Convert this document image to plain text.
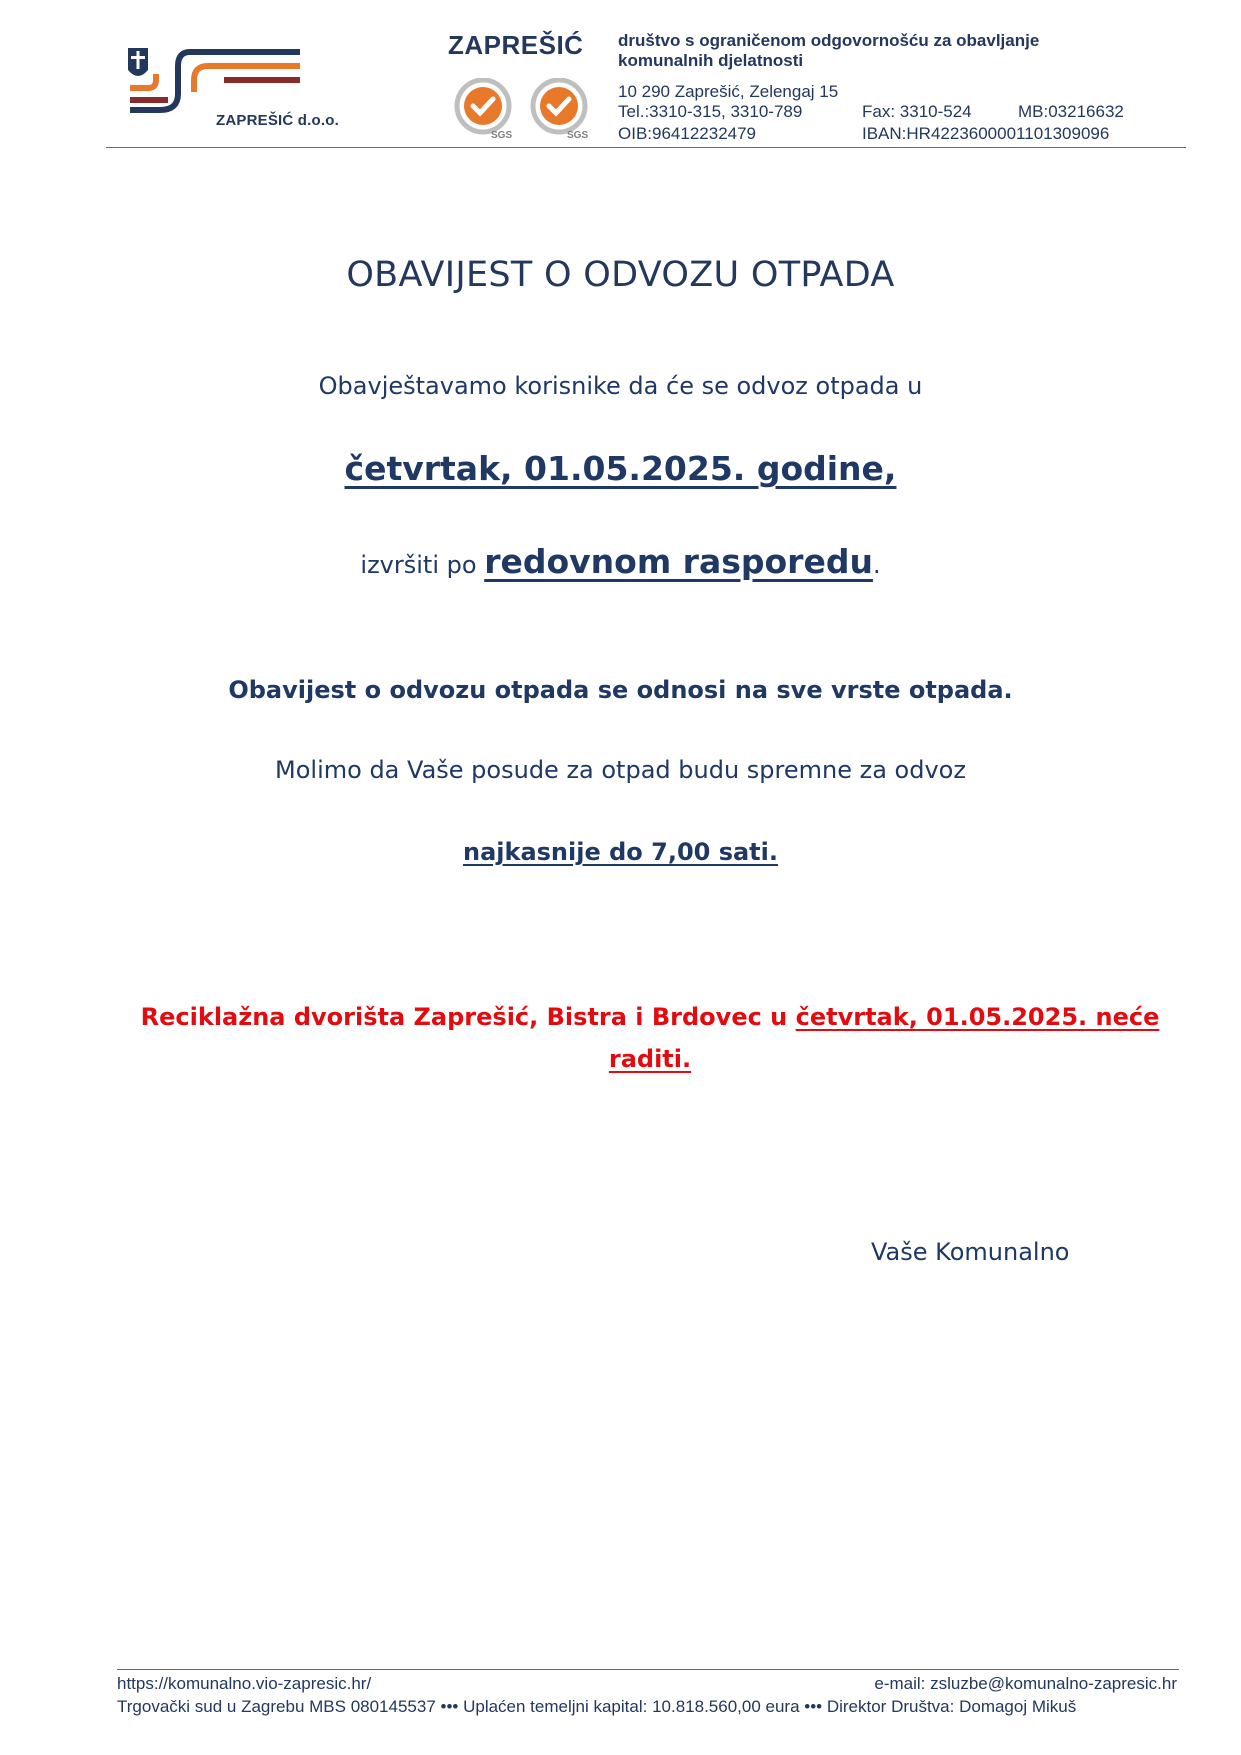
ZAPREŠIĆ d.o.o.
ZAPREŠIĆ
SGS	SGS
društvo s ograničenom odgovornošću za obavljanje komunalnih djelatnosti
10 290 Zaprešić, Zelengaj 15
Tel.:3310-315, 3310-789	Fax: 3310-524	MB:03216632
OIB:96412232479	IBAN:HR4223600001101309096
OBAVIJEST O ODVOZU OTPADA
Obavještavamo korisnike da će se odvoz otpada u
četvrtak, 01.05.2025. godine,
izvršiti po redovnom rasporedu.
Obavijest o odvozu otpada se odnosi na sve vrste otpada.
Molimo da Vaše posude za otpad budu spremne za odvoz
najkasnije do 7,00 sati.
Reciklažna dvorišta Zaprešić, Bistra i Brdovec u četvrtak, 01.05.2025. neće raditi.
Vaše Komunalno
https://komunalno.vio-zapresic.hr/	e-mail: zsluzbe@komunalno-zapresic.hr
Trgovački sud u Zagrebu MBS 080145537 ••• Uplaćen temeljni kapital: 10.818.560,00 eura ••• Direktor Društva: Domagoj Mikuš
